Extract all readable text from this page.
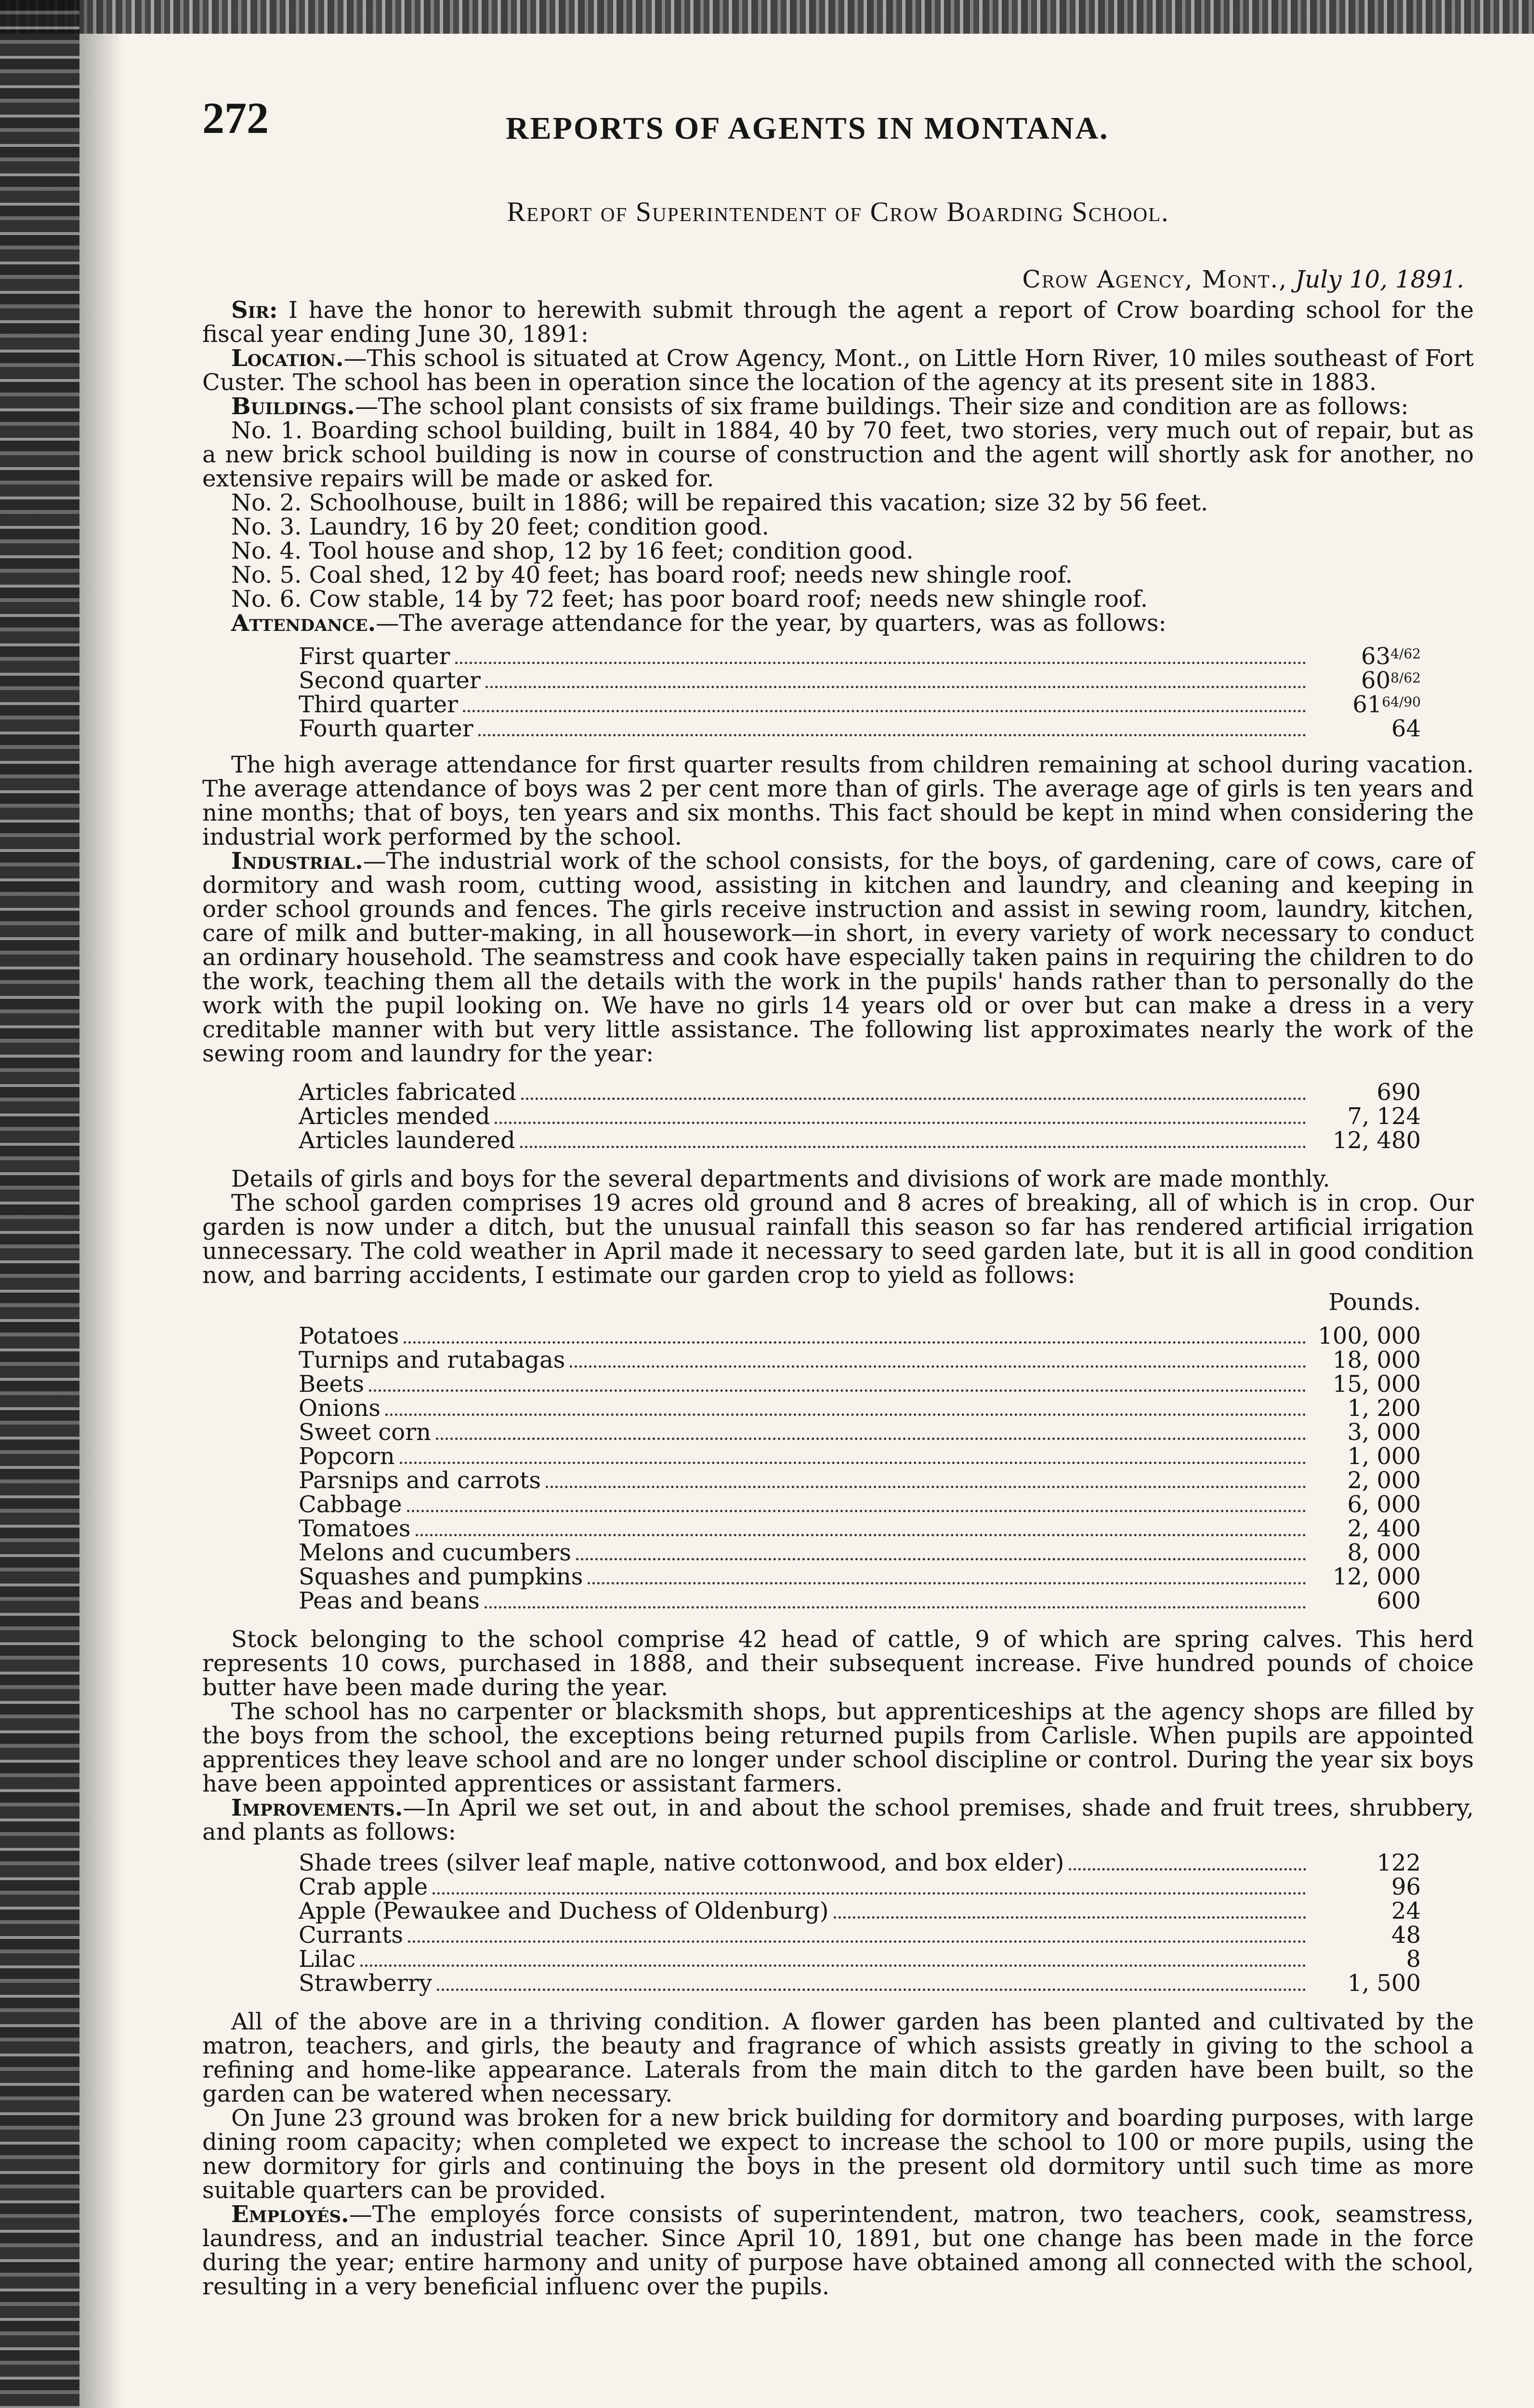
272	REPORTS OF AGENTS IN MONTANA.
Report of Superintendent of Crow Boarding School.
Crow Agency, Mont., July 10, 1891.

Sir: I have the honor to herewith submit through the agent a report of Crow boarding school for the fiscal year ending June 30, 1891:

Location.—This school is situated at Crow Agency, Mont., on Little Horn River, 10 miles southeast of Fort Custer. The school has been in operation since the location of the agency at its present site in 1883.

Buildings.—The school plant consists of six frame buildings. Their size and condition are as follows:

No. 1. Boarding school building, built in 1884, 40 by 70 feet, two stories, very much out of repair, but as a new brick school building is now in course of construction and the agent will shortly ask for another, no extensive repairs will be made or asked for.

No. 2. Schoolhouse, built in 1886; will be repaired this vacation; size 32 by 56 feet.

No. 3. Laundry, 16 by 20 feet; condition good.

No. 4. Tool house and shop, 12 by 16 feet; condition good.

No. 5. Coal shed, 12 by 40 feet; has board roof; needs new shingle roof.

No. 6. Cow stable, 14 by 72 feet; has poor board roof; needs new shingle roof.

Attendance.—The average attendance for the year, by quarters, was as follows:

First quarter	$63^{4/62}$
Second quarter	$60^{8/62}$
Third quarter	$61^{64/90}$
Fourth quarter	64

The high average attendance for first quarter results from children remaining at school during vacation. The average attendance of boys was 2 per cent more than of girls. The average age of girls is ten years and nine months; that of boys, ten years and six months. This fact should be kept in mind when considering the industrial work performed by the school.

Industrial.—The industrial work of the school consists, for the boys, of gardening, care of cows, care of dormitory and wash room, cutting wood, assisting in kitchen and laundry, and cleaning and keeping in order school grounds and fences. The girls receive instruction and assist in sewing room, laundry, kitchen, care of milk and butter-making, in all housework—in short, in every variety of work necessary to conduct an ordinary household. The seamstress and cook have especially taken pains in requiring the children to do the work, teaching them all the details with the work in the pupils' hands rather than to personally do the work with the pupil looking on. We have no girls 14 years old or over but can make a dress in a very creditable manner with but very little assistance. The following list approximates nearly the work of the sewing room and laundry for the year:

Articles fabricated	690
Articles mended	7, 124
Articles laundered	12, 480

Details of girls and boys for the several departments and divisions of work are made monthly.

The school garden comprises 19 acres old ground and 8 acres of breaking, all of which is in crop. Our garden is now under a ditch, but the unusual rainfall this season so far has rendered artificial irrigation unnecessary. The cold weather in April made it necessary to seed garden late, but it is all in good condition now, and barring accidents, I estimate our garden crop to yield as follows:

Pounds.
Potatoes	100, 000
Turnips and rutabagas	18, 000
Beets	15, 000
Onions	1, 200
Sweet corn	3, 000
Popcorn	1, 000
Parsnips and carrots	2, 000
Cabbage	6, 000
Tomatoes	2, 400
Melons and cucumbers	8, 000
Squashes and pumpkins	12, 000
Peas and beans	600

Stock belonging to the school comprise 42 head of cattle, 9 of which are spring calves. This herd represents 10 cows, purchased in 1888, and their subsequent increase. Five hundred pounds of choice butter have been made during the year.

The school has no carpenter or blacksmith shops, but apprenticeships at the agency shops are filled by the boys from the school, the exceptions being returned pupils from Carlisle. When pupils are appointed apprentices they leave school and are no longer under school discipline or control. During the year six boys have been appointed apprentices or assistant farmers.

Improvements.—In April we set out, in and about the school premises, shade and fruit trees, shrubbery, and plants as follows:

Shade trees (silver leaf maple, native cottonwood, and box elder)	122
Crab apple	96
Apple (Pewaukee and Duchess of Oldenburg)	24
Currants	48
Lilac	8
Strawberry	1, 500

All of the above are in a thriving condition. A flower garden has been planted and cultivated by the matron, teachers, and girls, the beauty and fragrance of which assists greatly in giving to the school a refining and home-like appearance. Laterals from the main ditch to the garden have been built, so the garden can be watered when necessary.

On June 23 ground was broken for a new brick building for dormitory and boarding purposes, with large dining room capacity; when completed we expect to increase the school to 100 or more pupils, using the new dormitory for girls and continuing the boys in the present old dormitory until such time as more suitable quarters can be provided.

Employés.—The employés force consists of superintendent, matron, two teachers, cook, seamstress, laundress, and an industrial teacher. Since April 10, 1891, but one change has been made in the force during the year; entire harmony and unity of purpose have obtained among all connected with the school, resulting in a very beneficial influenc over the pupils.
